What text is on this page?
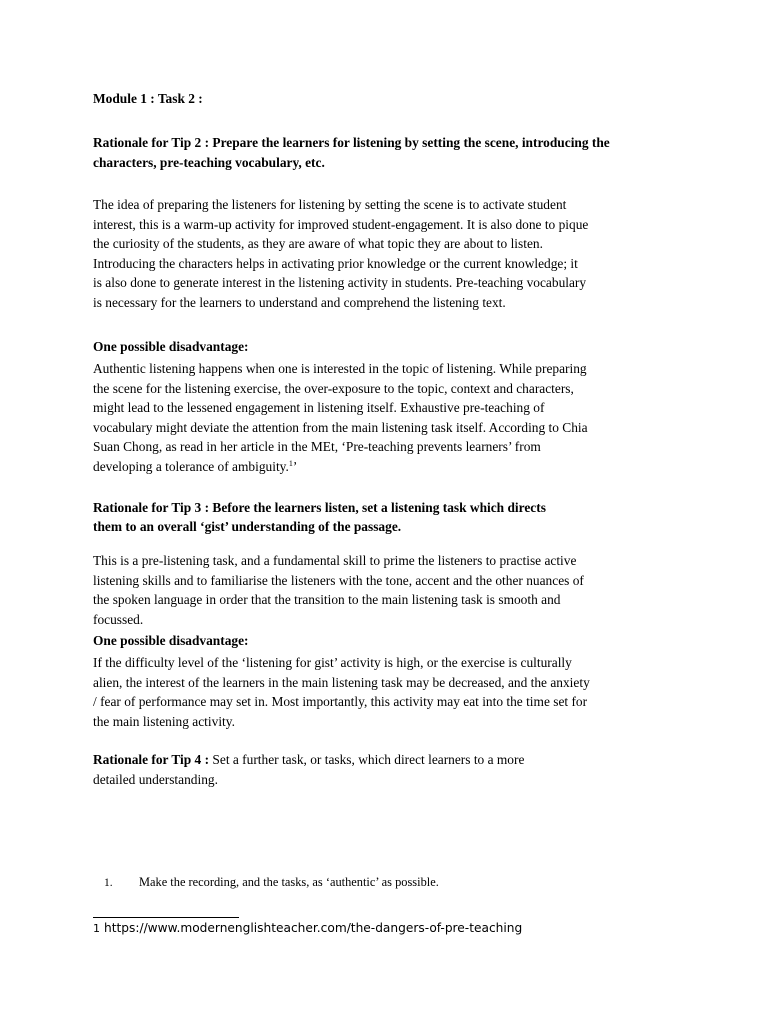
Module 1 : Task 2 :

Rationale for Tip 2 : Prepare the learners for listening by setting the scene, introducing the characters, pre-teaching vocabulary, etc.

The idea of preparing the listeners for listening by setting the scene is to activate student

interest, this is a warm-up activity for improved student-engagement. It is also done to pique

the curiosity of the students, as they are aware of what topic they are about to listen.

Introducing the characters helps in activating prior knowledge or the current knowledge; it

is also done to generate interest in the listening activity in students. Pre-teaching vocabulary

is necessary for the learners to understand and comprehend the listening text.

One possible disadvantage:

Authentic listening happens when one is interested in the topic of listening. While preparing

the scene for the listening exercise, the over-exposure to the topic, context and characters,

might lead to the lessened engagement in listening itself. Exhaustive pre-teaching of

vocabulary might deviate the attention from the main listening task itself. According to Chia

Suan Chong, as read in her article in the MEt, ‘Pre-teaching prevents learners’ from

developing a tolerance of ambiguity.$^1$’

Rationale for Tip 3 : Before the learners listen, set a listening task which directs

them to an overall ‘gist’ understanding of the passage.

This is a pre-listening task, and a fundamental skill to prime the listeners to practise active

listening skills and to familiarise the listeners with the tone, accent and the other nuances of

the spoken language in order that the transition to the main listening task is smooth and

focussed.

One possible disadvantage:

If the difficulty level of the ‘listening for gist’ activity is high, or the exercise is culturally

alien, the interest of the learners in the main listening task may be decreased, and the anxiety

/ fear of performance may set in. Most importantly, this activity may eat into the time set for

the main listening activity.

Rationale for Tip 4 : Set a further task, or tasks, which direct learners to a more

detailed understanding.

1. Make the recording, and the tasks, as ‘authentic’ as possible.
1 https://www.modernenglishteacher.com/the-dangers-of-pre-teaching
